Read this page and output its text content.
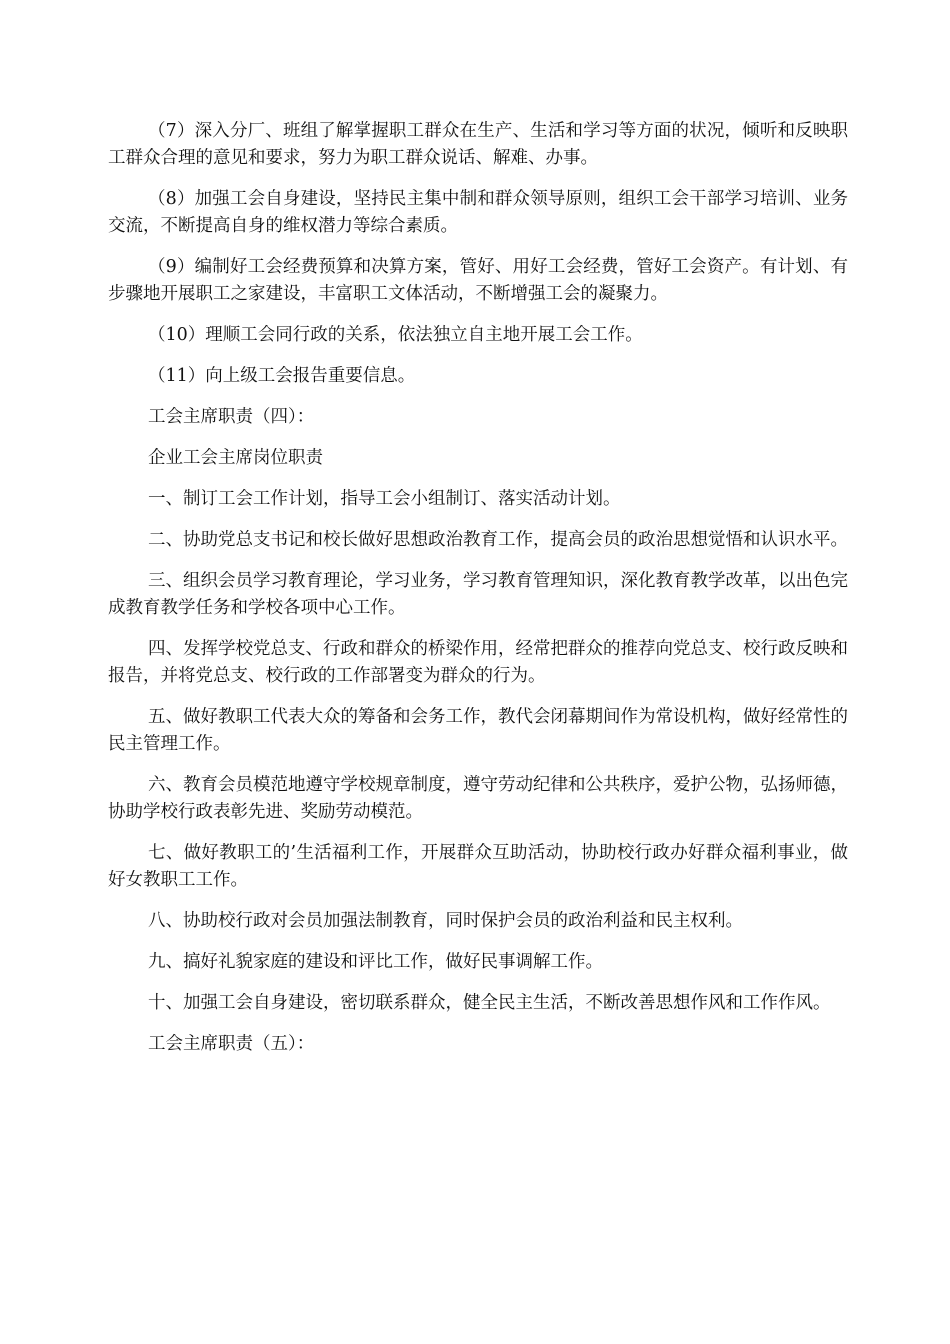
（7）深入分厂、班组了解掌握职工群众在生产、生活和学习等方面的状况，倾听和反映职工群众合理的意见和要求，努力为职工群众说话、解难、办事。

（8）加强工会自身建设，坚持民主集中制和群众领导原则，组织工会干部学习培训、业务交流，不断提高自身的维权潜力等综合素质。

（9）编制好工会经费预算和决算方案，管好、用好工会经费，管好工会资产。有计划、有步骤地开展职工之家建设，丰富职工文体活动，不断增强工会的凝聚力。

（10）理顺工会同行政的关系，依法独立自主地开展工会工作。

（11）向上级工会报告重要信息。

工会主席职责（四）：

企业工会主席岗位职责

一、制订工会工作计划，指导工会小组制订、落实活动计划。

二、协助党总支书记和校长做好思想政治教育工作，提高会员的政治思想觉悟和认识水平。

三、组织会员学习教育理论，学习业务，学习教育管理知识，深化教育教学改革，以出色完成教育教学任务和学校各项中心工作。

四、发挥学校党总支、行政和群众的桥梁作用，经常把群众的推荐向党总支、校行政反映和报告，并将党总支、校行政的工作部署变为群众的行为。

五、做好教职工代表大众的筹备和会务工作，教代会闭幕期间作为常设机构，做好经常性的民主管理工作。

六、教育会员模范地遵守学校规章制度，遵守劳动纪律和公共秩序，爱护公物，弘扬师德，协助学校行政表彰先进、奖励劳动模范。

七、做好教职工的’生活福利工作，开展群众互助活动，协助校行政办好群众福利事业，做好女教职工工作。

八、协助校行政对会员加强法制教育，同时保护会员的政治利益和民主权利。

九、搞好礼貌家庭的建设和评比工作，做好民事调解工作。

十、加强工会自身建设，密切联系群众，健全民主生活，不断改善思想作风和工作作风。

工会主席职责（五）：
